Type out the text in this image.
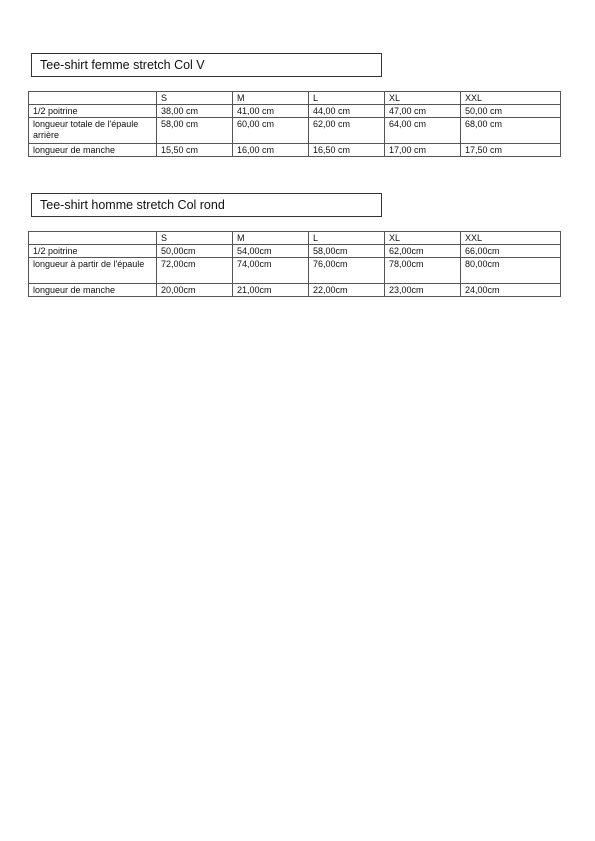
Tee-shirt femme stretch Col V
	S	M	L	XL	XXL
1/2 poitrine	38,00 cm	41,00 cm	44,00 cm	47,00 cm	50,00 cm
longueur totale de l'épaule arrière	58,00 cm	60,00 cm	62,00 cm	64,00 cm	68,00 cm
longueur de manche	15,50 cm	16,00 cm	16,50 cm	17,00 cm	17,50 cm
Tee-shirt homme stretch Col rond
	S	M	L	XL	XXL
1/2 poitrine	50,00cm	54,00cm	58,00cm	62,00cm	66,00cm
longueur à partir de l'épaule	72,00cm	74,00cm	76,00cm	78,00cm	80,00cm
longueur de manche	20,00cm	21,00cm	22,00cm	23,00cm	24,00cm
